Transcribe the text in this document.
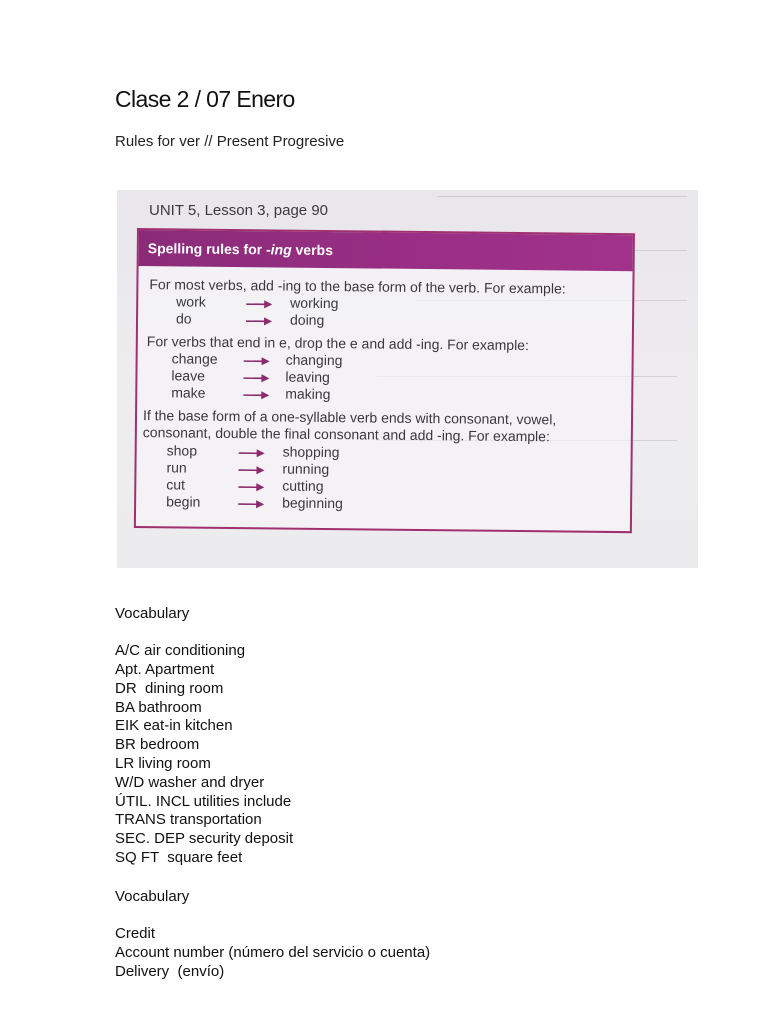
Clase 2 / 07 Enero
Rules for ver // Present Progresive
UNIT 5, Lesson 3, page 90
Spelling rules for -ing verbs
For most verbs, add -ing to the base form of the verb. For example:
work	working
do	doing
For verbs that end in e, drop the e and add -ing. For example:
change	changing
leave	leaving
make	making
If the base form of a one-syllable verb ends with consonant, vowel,
consonant, double the final consonant and add -ing. For example:
shop	shopping
run	running
cut	cutting
begin	beginning

Vocabulary

A/C air conditioning
Apt. Apartment
DR  dining room
BA bathroom
EIK eat-in kitchen
BR bedroom
LR living room
W/D washer and dryer
ÚTIL. INCL utilities include
TRANS transportation
SEC. DEP security deposit
SQ FT  square feet

Vocabulary

Credit
Account number (número del servicio o cuenta)
Delivery  (envío)
